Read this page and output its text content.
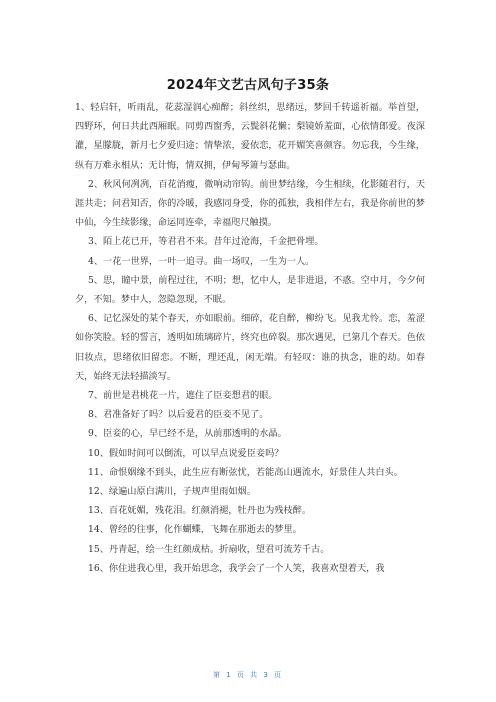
2024年文艺古风句子35条

1、轻启轩，听雨乱，花蕊湿润心痴醉；斜丝织，思绪远，梦回千转遥祈福。举首望，四野环，何日共此西厢眠。同剪西窗秀，云鬓斜花懒；梨镜娇羞面，心依情郎爱。夜深灌，星朦胧，新月七夕爱归途；情挚浓，爱依恋，花开媚笑喜颜容。勿忘我，今生缘，纵有万难永相从；无计悔，情双拥，伊甸琴箫与瑟曲。

2、秋风何冽冽，百花消瘦，微响动帘钩。前世梦结缘，今生相续，化影随君行，天涯共走；问君知否，你的冷暖，我感同身受，你的孤独，我相伴左右，我是你前世的梦中仙，今生续影缘，命运同连牵，幸福咫尺触摸。

3、陌上花已开，等君君不来。昔年过沧海，千金把骨埋。

4、一花一世界，一叶一追寻。曲一场叹，一生为一人。

5、思，瞳中景，前程过往，不明；想，忆中人，是非进退，不惑。空中月，今夕何夕，不知。梦中人，忽隐忽现，不眠。

6、记忆深处的某个春天，亦如眼前。细碎，花自醉，柳纷飞。见我尤怜。恋，羞涩如你笑脸。轻的誓言，透明如琉璃碎片，终究也碎裂。那次遇见，已第几个春天。色依旧妆点，思绪依旧留恋。不断，理还乱，闲无端。有轻叹：谁的执念，谁的劫。如春天，始终无法轻描淡写。

7、前世是君桃花一片，遮住了臣妾想君的眼。

8、君准备好了吗？以后爱君的臣妾不见了。

9、臣妾的心，早已经不是，从前那透明的水晶。

10、假如时间可以倒流，可以早点说爱臣妾吗？

11、命恨姻缘不到头，此生应有断弦忧，若能高山遇流水，好景佳人共白头。

12、绿遍山原白满川，子规声里雨如烟。

13、百花妩媚，残花泪。红颜消褪，牡丹也为残枝醉。

14、曾经的往事，化作蝴蝶，飞舞在那逝去的梦里。

15、丹青起，绘一生红颜成枯。折扇收，望君可流芳千古。

16、你住进我心里，我开始思念，我学会了一个人笑，我喜欢望着天，我

第 1 页 共 3 页
